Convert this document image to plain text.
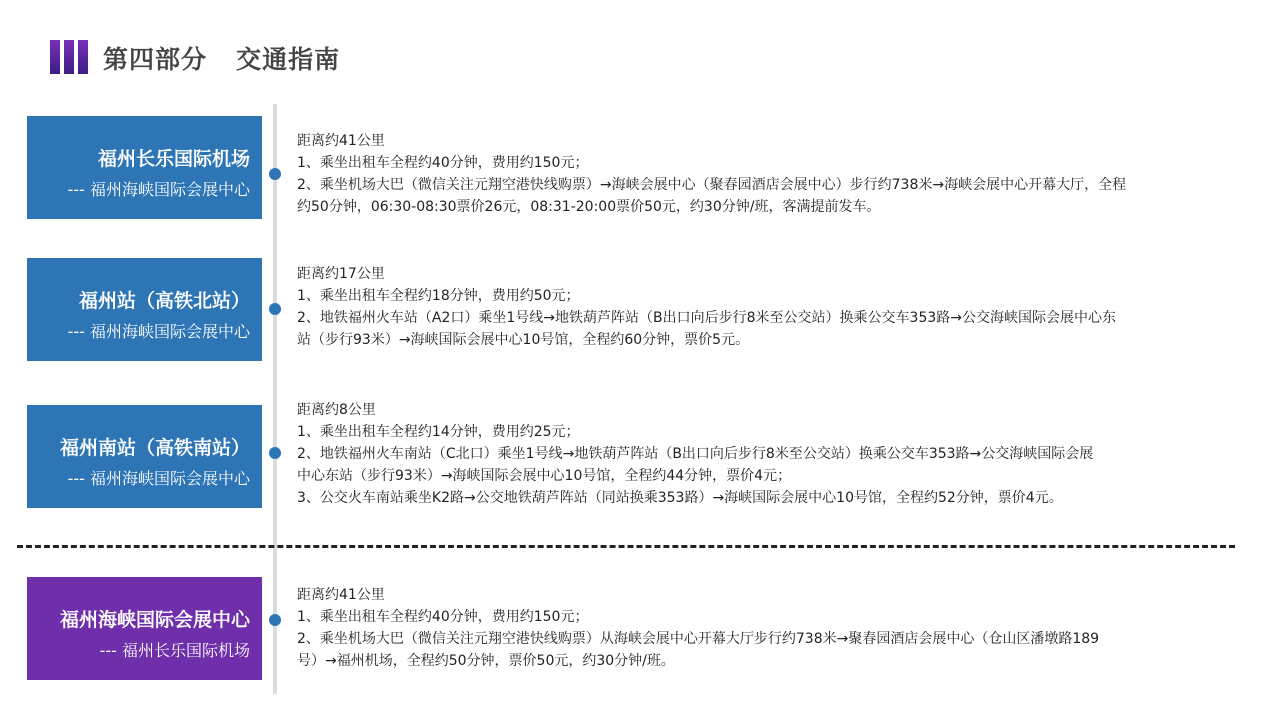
第四部分   交通指南
福州长乐国际机场
--- 福州海峡国际会展中心

距离约41公里

1、乘坐出租车全程约40分钟，费用约150元；

2、乘坐机场大巴（微信关注元翔空港快线购票）→海峡会展中心（聚春园酒店会展中心）步行约738米→海峡会展中心开幕大厅，全程

约50分钟，06:30-08:30票价26元，08:31-20:00票价50元，约30分钟/班，客满提前发车。

福州站（高铁北站）
--- 福州海峡国际会展中心

距离约17公里

1、乘坐出租车全程约18分钟，费用约50元；

2、地铁福州火车站（A2口）乘坐1号线→地铁葫芦阵站（B出口向后步行8米至公交站）换乘公交车353路→公交海峡国际会展中心东

站（步行93米）→海峡国际会展中心10号馆，全程约60分钟，票价5元。

福州南站（高铁南站）
--- 福州海峡国际会展中心

距离约8公里

1、乘坐出租车全程约14分钟，费用约25元；

2、地铁福州火车南站（C北口）乘坐1号线→地铁葫芦阵站（B出口向后步行8米至公交站）换乘公交车353路→公交海峡国际会展

中心东站（步行93米）→海峡国际会展中心10号馆，全程约44分钟，票价4元；

3、公交火车南站乘坐K2路→公交地铁葫芦阵站（同站换乘353路）→海峡国际会展中心10号馆，全程约52分钟，票价4元。

福州海峡国际会展中心
--- 福州长乐国际机场

距离约41公里

1、乘坐出租车全程约40分钟，费用约150元；

2、乘坐机场大巴（微信关注元翔空港快线购票）从海峡会展中心开幕大厅步行约738米→聚春园酒店会展中心（仓山区潘墩路189

号）→福州机场，全程约50分钟，票价50元，约30分钟/班。
